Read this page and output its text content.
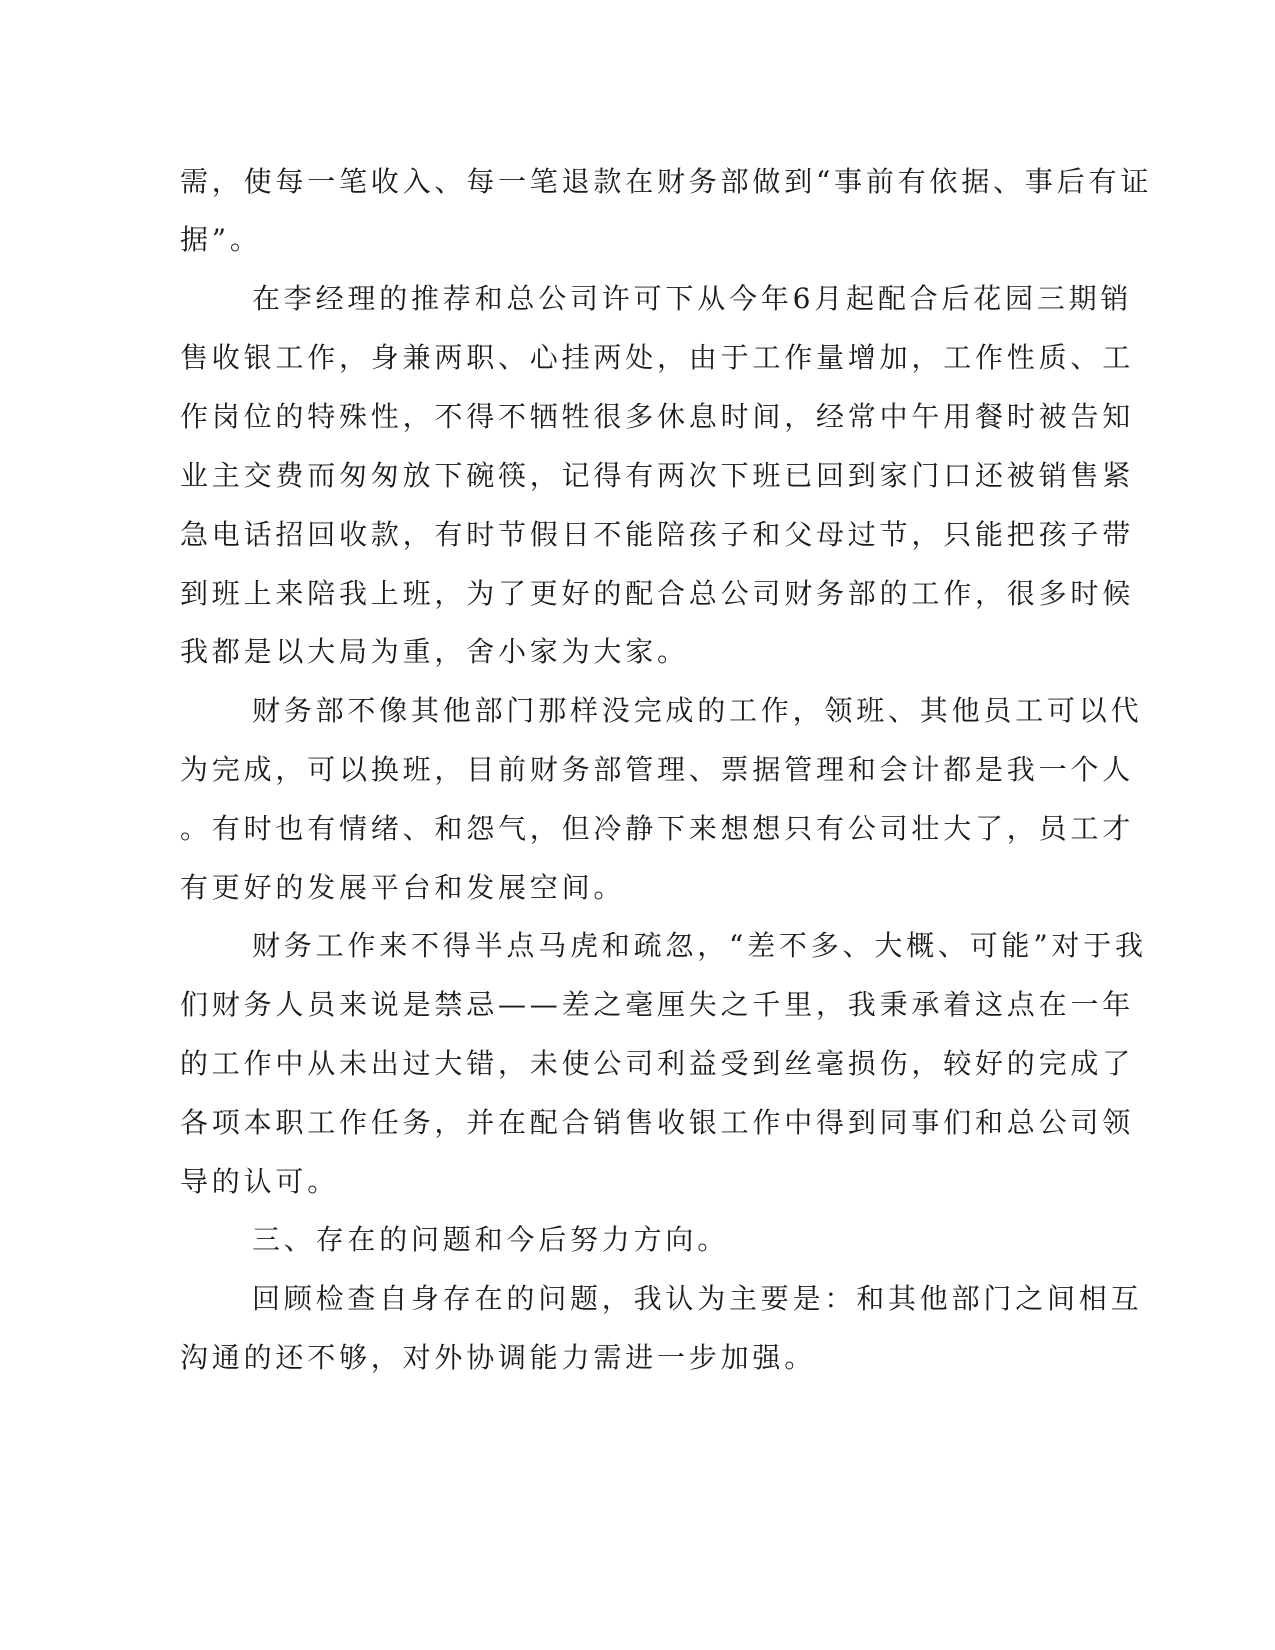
需，使每一笔收入、每一笔退款在财务部做到“事前有依据、事后有证
据”。
在李经理的推荐和总公司许可下从今年6月起配合后花园三期销
售收银工作，身兼两职、心挂两处，由于工作量增加，工作性质、工
作岗位的特殊性，不得不牺牲很多休息时间，经常中午用餐时被告知
业主交费而匆匆放下碗筷，记得有两次下班已回到家门口还被销售紧
急电话招回收款，有时节假日不能陪孩子和父母过节，只能把孩子带
到班上来陪我上班，为了更好的配合总公司财务部的工作，很多时候
我都是以大局为重，舍小家为大家。
财务部不像其他部门那样没完成的工作，领班、其他员工可以代
为完成，可以换班，目前财务部管理、票据管理和会计都是我一个人
。有时也有情绪、和怨气，但冷静下来想想只有公司壮大了，员工才
有更好的发展平台和发展空间。
财务工作来不得半点马虎和疏忽，“差不多、大概、可能”对于我
们财务人员来说是禁忌——差之毫厘失之千里，我秉承着这点在一年
的工作中从未出过大错，未使公司利益受到丝毫损伤，较好的完成了
各项本职工作任务，并在配合销售收银工作中得到同事们和总公司领
导的认可。
三、存在的问题和今后努力方向。
回顾检查自身存在的问题，我认为主要是：和其他部门之间相互
沟通的还不够，对外协调能力需进一步加强。
